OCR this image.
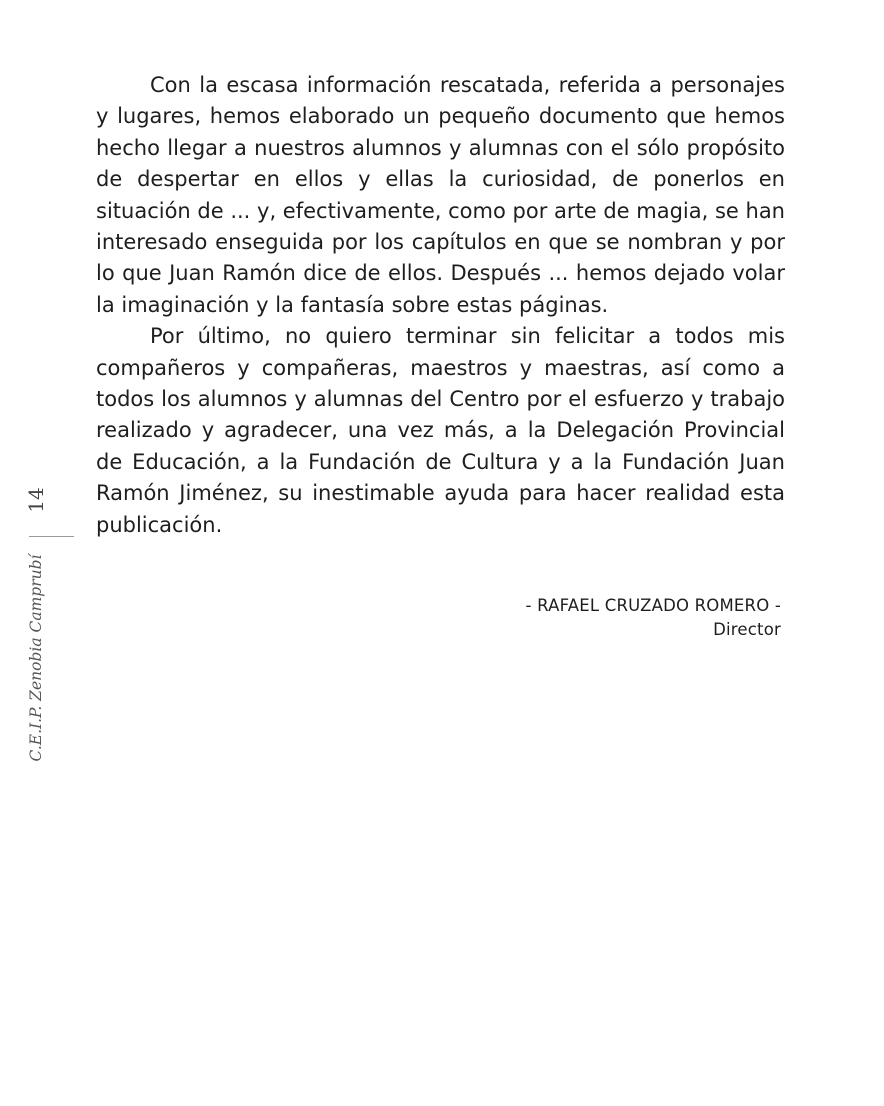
Con la escasa información rescatada, referida a personajes y lugares, hemos elaborado un pequeño documento que hemos hecho llegar a nuestros alumnos y alumnas con el sólo propósito de despertar en ellos y ellas la curiosidad, de ponerlos en situación de ... y, efectivamente, como por arte de magia, se han interesado enseguida por los capítulos en que se nombran y por lo que Juan Ramón dice de ellos. Después ... hemos dejado volar la imaginación y la fantasía sobre estas páginas.

Por último, no quiero terminar sin felicitar a todos mis compañeros y compañeras, maestros y maestras, así como a todos los alumnos y alumnas del Centro por el esfuerzo y trabajo realizado y agradecer, una vez más, a la Delegación Provincial de Educación, a la Fundación de Cultura y a la Fundación Juan Ramón Jiménez, su inestimable ayuda para hacer realidad esta publicación.

- RAFAEL CRUZADO ROMERO -
Director
14
C.E.I.P. Zenobia Camprubí
